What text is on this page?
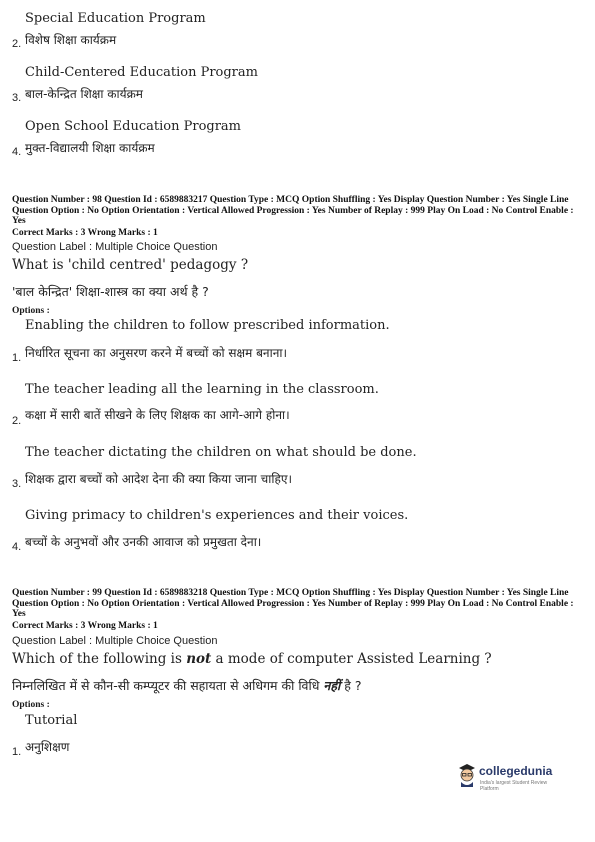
Special Education Program
2. विशेष शिक्षा कार्यक्रम
Child-Centered Education Program
3. बाल-केन्द्रित शिक्षा कार्यक्रम
Open School Education Program
4. मुक्त-विद्यालयी शिक्षा कार्यक्रम
Question Number : 98 Question Id : 6589883217 Question Type : MCQ Option Shuffling : Yes Display Question Number : Yes Single Line Question Option : No Option Orientation : Vertical Allowed Progression : Yes Number of Replay : 999 Play On Load : No Control Enable : Yes
Correct Marks : 3 Wrong Marks : 1
Question Label : Multiple Choice Question
What is 'child centred' pedagogy ?
'बाल केन्द्रित' शिक्षा-शास्त्र का क्या अर्थ है ?
Options :
Enabling the children to follow prescribed information.
1. निर्धारित सूचना का अनुसरण करने में बच्चों को सक्षम बनाना।
The teacher leading all the learning in the classroom.
2. कक्षा में सारी बातें सीखने के लिए शिक्षक का आगे-आगे होना।
The teacher dictating the children on what should be done.
3. शिक्षक द्वारा बच्चों को आदेश देना की क्या किया जाना चाहिए।
Giving primacy to children's experiences and their voices.
4. बच्चों के अनुभवों और उनकी आवाज को प्रमुखता देना।
Question Number : 99 Question Id : 6589883218 Question Type : MCQ Option Shuffling : Yes Display Question Number : Yes Single Line Question Option : No Option Orientation : Vertical Allowed Progression : Yes Number of Replay : 999 Play On Load : No Control Enable : Yes
Correct Marks : 3 Wrong Marks : 1
Question Label : Multiple Choice Question
Which of the following is not a mode of computer Assisted Learning ?
निम्नलिखित में से कौन-सी कम्प्यूटर की सहायता से अधिगम की विधि नहीं है ?
Options :
Tutorial
1. अनुशिक्षण
collegedunia
India's largest Student Review Platform
